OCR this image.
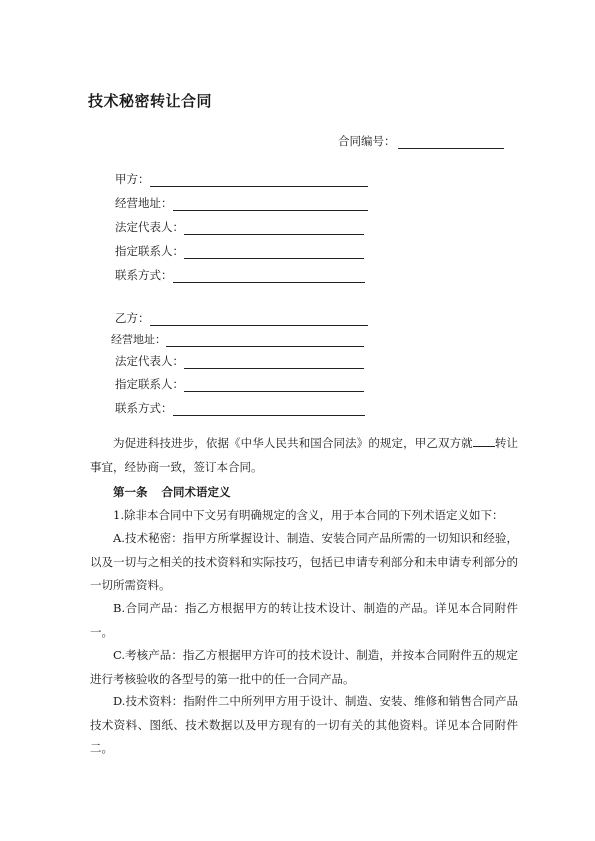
技术秘密转让合同
合同编号：
甲方：
经营地址：
法定代表人：
指定联系人：
联系方式：
乙方：
经营地址：
法定代表人：
指定联系人：
联系方式：
为促进科技进步，依据《中华人民共和国合同法》的规定，甲乙双方就 转让事宜，经协商一致，签订本合同。
第一条 合同术语定义
1.除非本合同中下文另有明确规定的含义，用于本合同的下列术语定义如下：
A.技术秘密：指甲方所掌握设计、制造、安装合同产品所需的一切知识和经验，以及一切与之相关的技术资料和实际技巧，包括已申请专利部分和未申请专利部分的一切所需资料。
B.合同产品：指乙方根据甲方的转让技术设计、制造的产品。详见本合同附件一。
C.考核产品：指乙方根据甲方许可的技术设计、制造，并按本合同附件五的规定进行考核验收的各型号的第一批中的任一合同产品。
D.技术资料：指附件二中所列甲方用于设计、制造、安装、维修和销售合同产品技术资料、图纸、技术数据以及甲方现有的一切有关的其他资料。详见本合同附件二。
